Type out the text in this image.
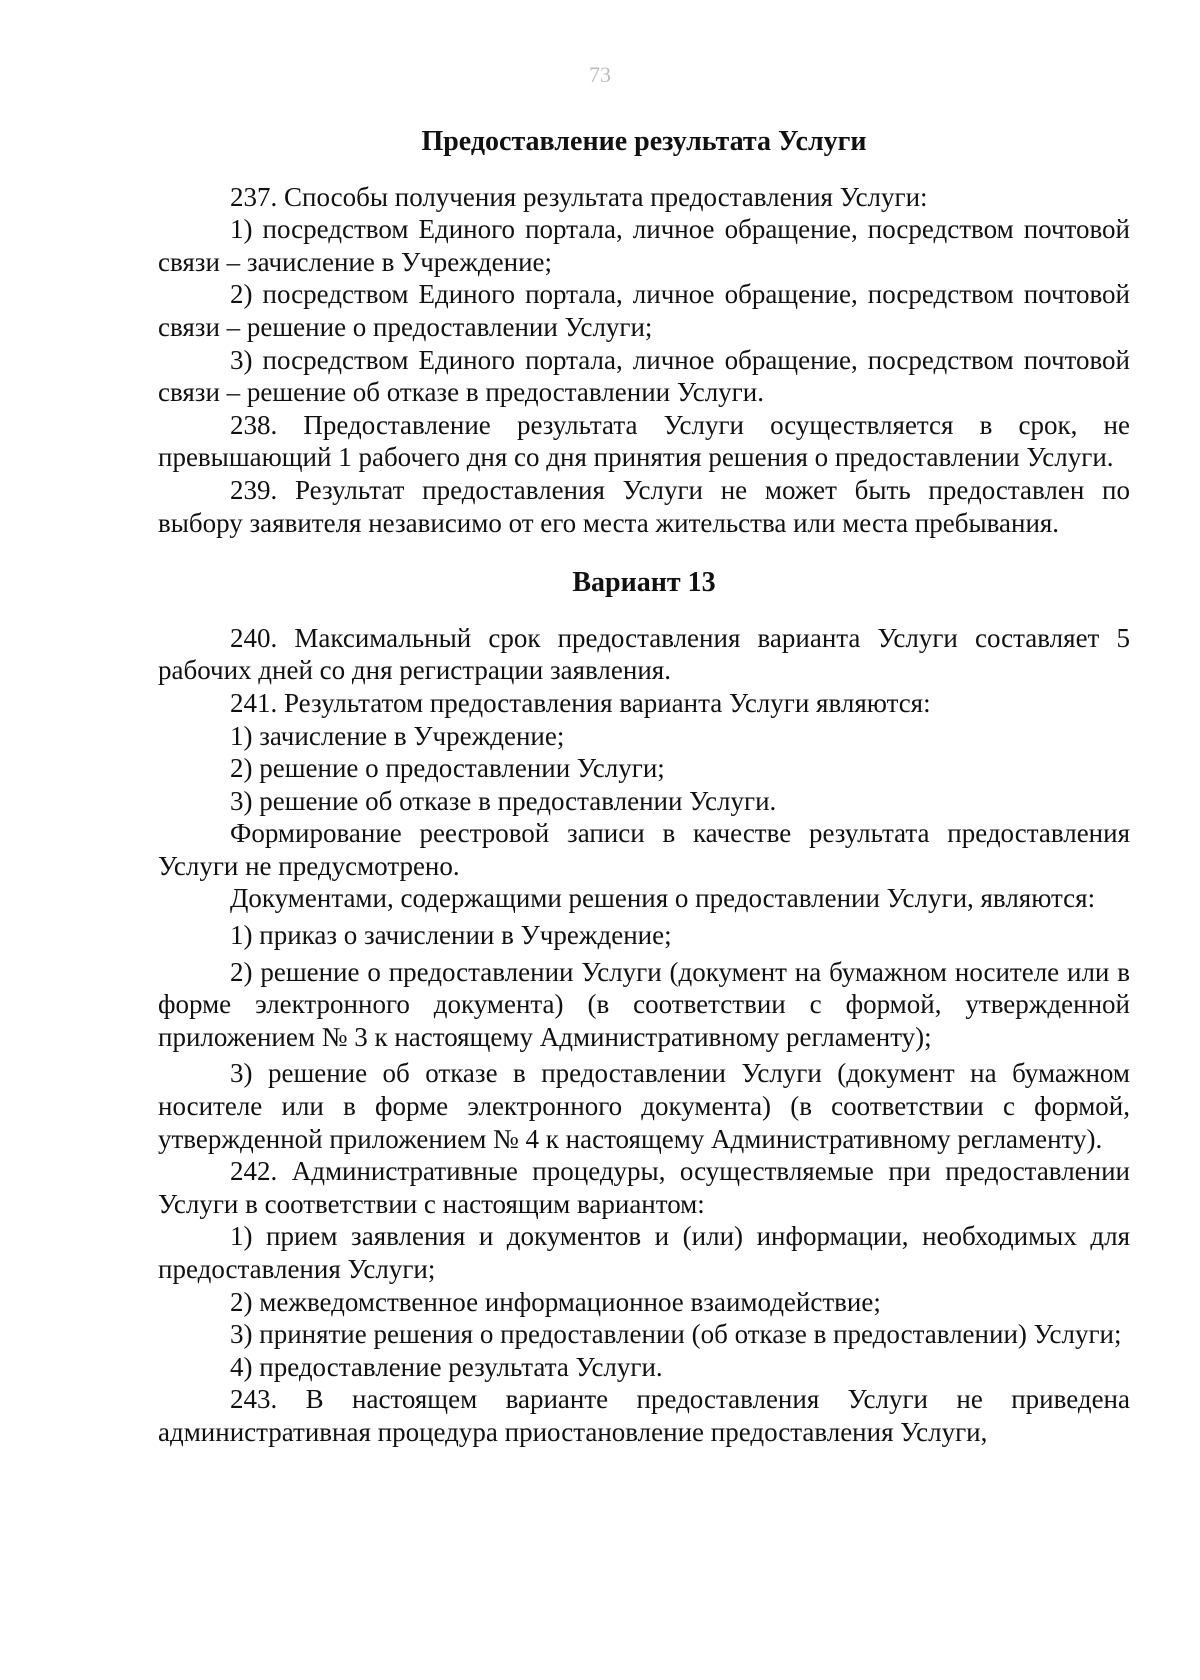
73
Предоставление результата Услуги

237. Способы получения результата предоставления Услуги:

1) посредством Единого портала, личное обращение, посредством почтовой связи – зачисление в Учреждение;

2) посредством Единого портала, личное обращение, посредством почтовой связи – решение о предоставлении Услуги;

3) посредством Единого портала, личное обращение, посредством почтовой связи – решение об отказе в предоставлении Услуги.

238. Предоставление результата Услуги осуществляется в срок, не превышающий 1 рабочего дня со дня принятия решения о предоставлении Услуги.

239. Результат предоставления Услуги не может быть предоставлен по выбору заявителя независимо от его места жительства или места пребывания.

Вариант 13

240. Максимальный срок предоставления варианта Услуги составляет 5 рабочих дней со дня регистрации заявления.

241. Результатом предоставления варианта Услуги являются:

1) зачисление в Учреждение;

2) решение о предоставлении Услуги;

3) решение об отказе в предоставлении Услуги.

Формирование реестровой записи в качестве результата предоставления Услуги не предусмотрено.

Документами, содержащими решения о предоставлении Услуги, являются:

1) приказ о зачислении в Учреждение;

2) решение о предоставлении Услуги (документ на бумажном носителе или в форме электронного документа) (в соответствии с формой, утвержденной приложением № 3 к настоящему Административному регламенту);

3) решение об отказе в предоставлении Услуги (документ на бумажном носителе или в форме электронного документа) (в соответствии с формой, утвержденной приложением № 4 к настоящему Административному регламенту).

242. Административные процедуры, осуществляемые при предоставлении Услуги в соответствии с настоящим вариантом:

1) прием заявления и документов и (или) информации, необходимых для предоставления Услуги;

2) межведомственное информационное взаимодействие;

3) принятие решения о предоставлении (об отказе в предоставлении) Услуги;

4) предоставление результата Услуги.

243. В настоящем варианте предоставления Услуги не приведена административная процедура приостановление предоставления Услуги,
